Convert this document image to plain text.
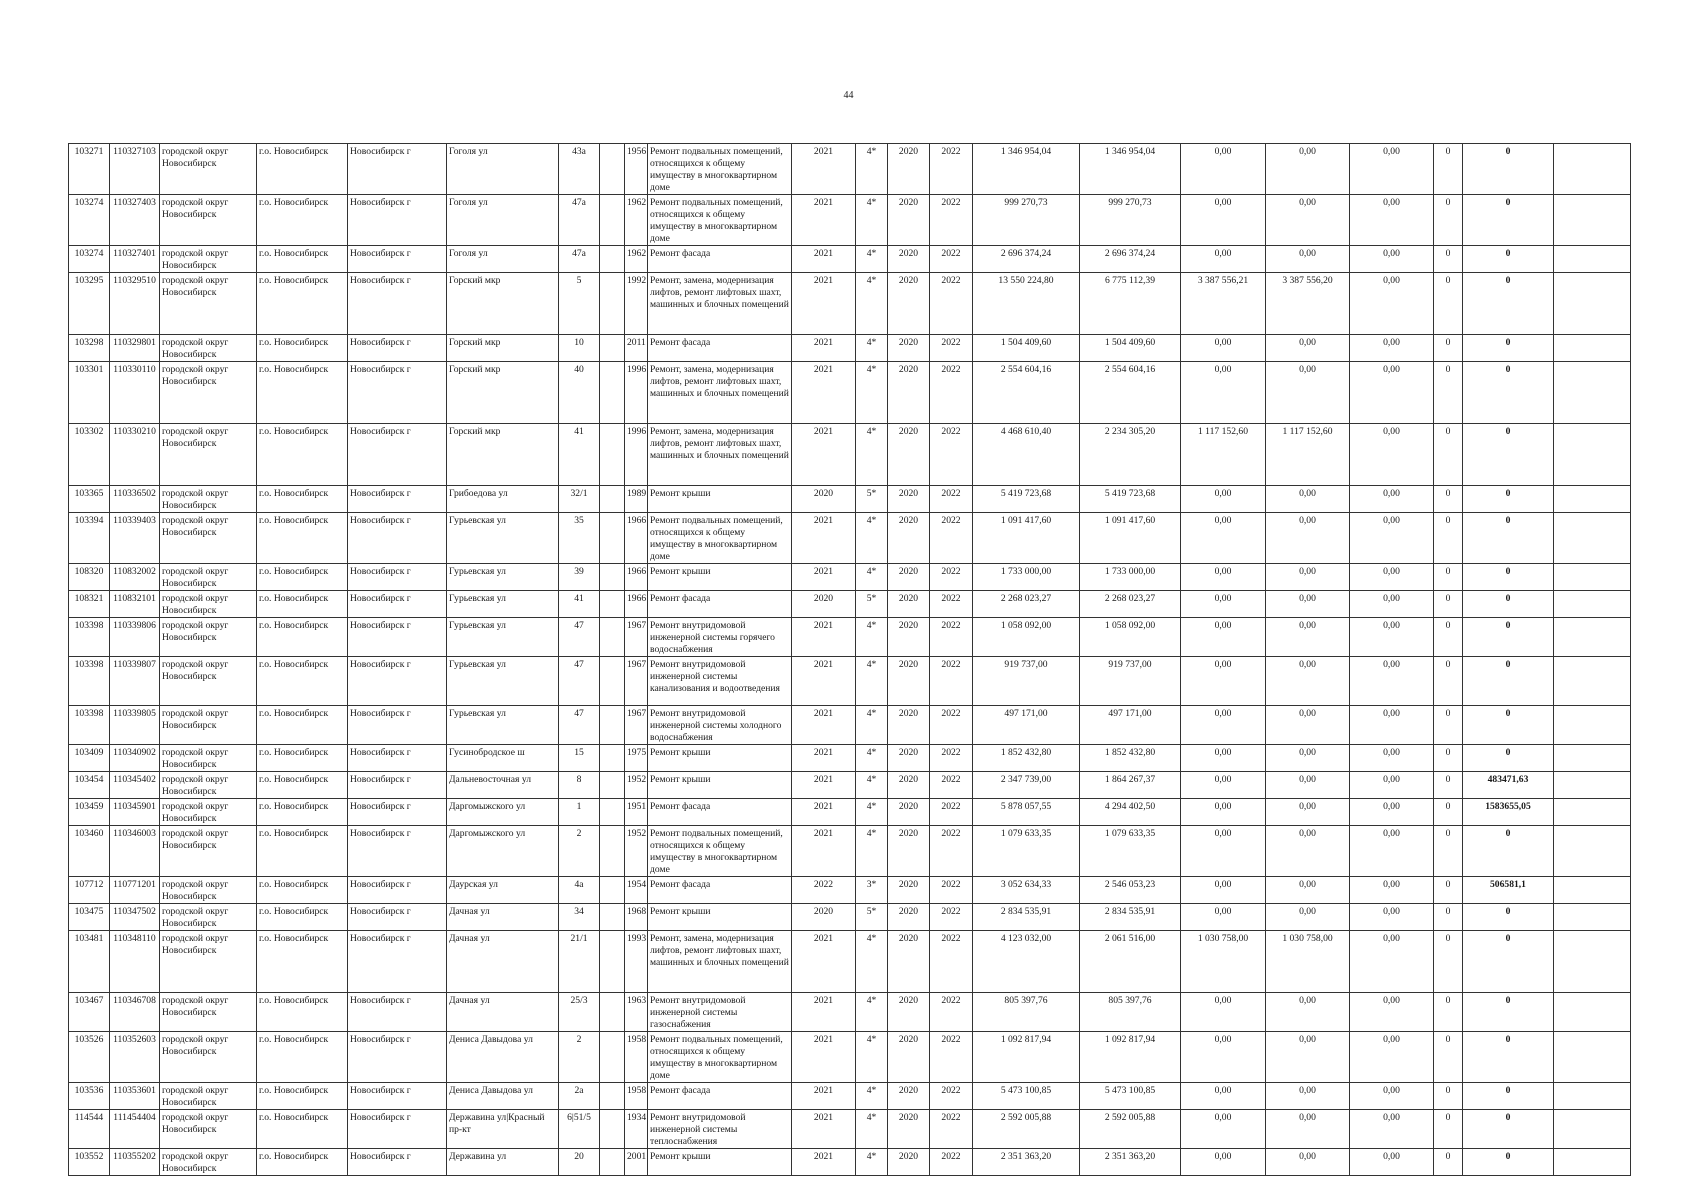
44
103271	110327103	городской округ Новосибирск	г.о. Новосибирск	Новосибирск г	Гоголя ул	43а		1956	Ремонт подвальных помещений, относящихся к общему имуществу в многоквартирном доме	2021	4*	2020	2022	1 346 954,04	1 346 954,04	0,00	0,00	0,00	0	0	
103274	110327403	городской округ Новосибирск	г.о. Новосибирск	Новосибирск г	Гоголя ул	47а		1962	Ремонт подвальных помещений, относящихся к общему имуществу в многоквартирном доме	2021	4*	2020	2022	999 270,73	999 270,73	0,00	0,00	0,00	0	0	
103274	110327401	городской округ Новосибирск	г.о. Новосибирск	Новосибирск г	Гоголя ул	47а		1962	Ремонт фасада	2021	4*	2020	2022	2 696 374,24	2 696 374,24	0,00	0,00	0,00	0	0	
103295	110329510	городской округ Новосибирск	г.о. Новосибирск	Новосибирск г	Горский мкр	5		1992	Ремонт, замена, модернизация лифтов, ремонт лифтовых шахт, машинных и блочных помещений	2021	4*	2020	2022	13 550 224,80	6 775 112,39	3 387 556,21	3 387 556,20	0,00	0	0	
103298	110329801	городской округ Новосибирск	г.о. Новосибирск	Новосибирск г	Горский мкр	10		2011	Ремонт фасада	2021	4*	2020	2022	1 504 409,60	1 504 409,60	0,00	0,00	0,00	0	0	
103301	110330110	городской округ Новосибирск	г.о. Новосибирск	Новосибирск г	Горский мкр	40		1996	Ремонт, замена, модернизация лифтов, ремонт лифтовых шахт, машинных и блочных помещений	2021	4*	2020	2022	2 554 604,16	2 554 604,16	0,00	0,00	0,00	0	0	
103302	110330210	городской округ Новосибирск	г.о. Новосибирск	Новосибирск г	Горский мкр	41		1996	Ремонт, замена, модернизация лифтов, ремонт лифтовых шахт, машинных и блочных помещений	2021	4*	2020	2022	4 468 610,40	2 234 305,20	1 117 152,60	1 117 152,60	0,00	0	0	
103365	110336502	городской округ Новосибирск	г.о. Новосибирск	Новосибирск г	Грибоедова ул	32/1		1989	Ремонт крыши	2020	5*	2020	2022	5 419 723,68	5 419 723,68	0,00	0,00	0,00	0	0	
103394	110339403	городской округ Новосибирск	г.о. Новосибирск	Новосибирск г	Гурьевская ул	35		1966	Ремонт подвальных помещений, относящихся к общему имуществу в многоквартирном доме	2021	4*	2020	2022	1 091 417,60	1 091 417,60	0,00	0,00	0,00	0	0	
108320	110832002	городской округ Новосибирск	г.о. Новосибирск	Новосибирск г	Гурьевская ул	39		1966	Ремонт крыши	2021	4*	2020	2022	1 733 000,00	1 733 000,00	0,00	0,00	0,00	0	0	
108321	110832101	городской округ Новосибирск	г.о. Новосибирск	Новосибирск г	Гурьевская ул	41		1966	Ремонт фасада	2020	5*	2020	2022	2 268 023,27	2 268 023,27	0,00	0,00	0,00	0	0	
103398	110339806	городской округ Новосибирск	г.о. Новосибирск	Новосибирск г	Гурьевская ул	47		1967	Ремонт внутридомовой инженерной системы горячего водоснабжения	2021	4*	2020	2022	1 058 092,00	1 058 092,00	0,00	0,00	0,00	0	0	
103398	110339807	городской округ Новосибирск	г.о. Новосибирск	Новосибирск г	Гурьевская ул	47		1967	Ремонт внутридомовой инженерной системы канализования и водоотведения	2021	4*	2020	2022	919 737,00	919 737,00	0,00	0,00	0,00	0	0	
103398	110339805	городской округ Новосибирск	г.о. Новосибирск	Новосибирск г	Гурьевская ул	47		1967	Ремонт внутридомовой инженерной системы холодного водоснабжения	2021	4*	2020	2022	497 171,00	497 171,00	0,00	0,00	0,00	0	0	
103409	110340902	городской округ Новосибирск	г.о. Новосибирск	Новосибирск г	Гусинобродское ш	15		1975	Ремонт крыши	2021	4*	2020	2022	1 852 432,80	1 852 432,80	0,00	0,00	0,00	0	0	
103454	110345402	городской округ Новосибирск	г.о. Новосибирск	Новосибирск г	Дальневосточная ул	8		1952	Ремонт крыши	2021	4*	2020	2022	2 347 739,00	1 864 267,37	0,00	0,00	0,00	0	483471,63	
103459	110345901	городской округ Новосибирск	г.о. Новосибирск	Новосибирск г	Даргомыжского ул	1		1951	Ремонт фасада	2021	4*	2020	2022	5 878 057,55	4 294 402,50	0,00	0,00	0,00	0	1583655,05	
103460	110346003	городской округ Новосибирск	г.о. Новосибирск	Новосибирск г	Даргомыжского ул	2		1952	Ремонт подвальных помещений, относящихся к общему имуществу в многоквартирном доме	2021	4*	2020	2022	1 079 633,35	1 079 633,35	0,00	0,00	0,00	0	0	
107712	110771201	городской округ Новосибирск	г.о. Новосибирск	Новосибирск г	Даурская ул	4а		1954	Ремонт фасада	2022	3*	2020	2022	3 052 634,33	2 546 053,23	0,00	0,00	0,00	0	506581,1	
103475	110347502	городской округ Новосибирск	г.о. Новосибирск	Новосибирск г	Дачная ул	34		1968	Ремонт крыши	2020	5*	2020	2022	2 834 535,91	2 834 535,91	0,00	0,00	0,00	0	0	
103481	110348110	городской округ Новосибирск	г.о. Новосибирск	Новосибирск г	Дачная ул	21/1		1993	Ремонт, замена, модернизация лифтов, ремонт лифтовых шахт, машинных и блочных помещений	2021	4*	2020	2022	4 123 032,00	2 061 516,00	1 030 758,00	1 030 758,00	0,00	0	0	
103467	110346708	городской округ Новосибирск	г.о. Новосибирск	Новосибирск г	Дачная ул	25/3		1963	Ремонт внутридомовой инженерной системы газоснабжения	2021	4*	2020	2022	805 397,76	805 397,76	0,00	0,00	0,00	0	0	
103526	110352603	городской округ Новосибирск	г.о. Новосибирск	Новосибирск г	Дениса Давыдова ул	2		1958	Ремонт подвальных помещений, относящихся к общему имуществу в многоквартирном доме	2021	4*	2020	2022	1 092 817,94	1 092 817,94	0,00	0,00	0,00	0	0	
103536	110353601	городской округ Новосибирск	г.о. Новосибирск	Новосибирск г	Дениса Давыдова ул	2а		1958	Ремонт фасада	2021	4*	2020	2022	5 473 100,85	5 473 100,85	0,00	0,00	0,00	0	0	
114544	111454404	городской округ Новосибирск	г.о. Новосибирск	Новосибирск г	Державина ул|Красный пр-кт	6|51/5		1934	Ремонт внутридомовой инженерной системы теплоснабжения	2021	4*	2020	2022	2 592 005,88	2 592 005,88	0,00	0,00	0,00	0	0	
103552	110355202	городской округ Новосибирск	г.о. Новосибирск	Новосибирск г	Державина ул	20		2001	Ремонт крыши	2021	4*	2020	2022	2 351 363,20	2 351 363,20	0,00	0,00	0,00	0	0	
